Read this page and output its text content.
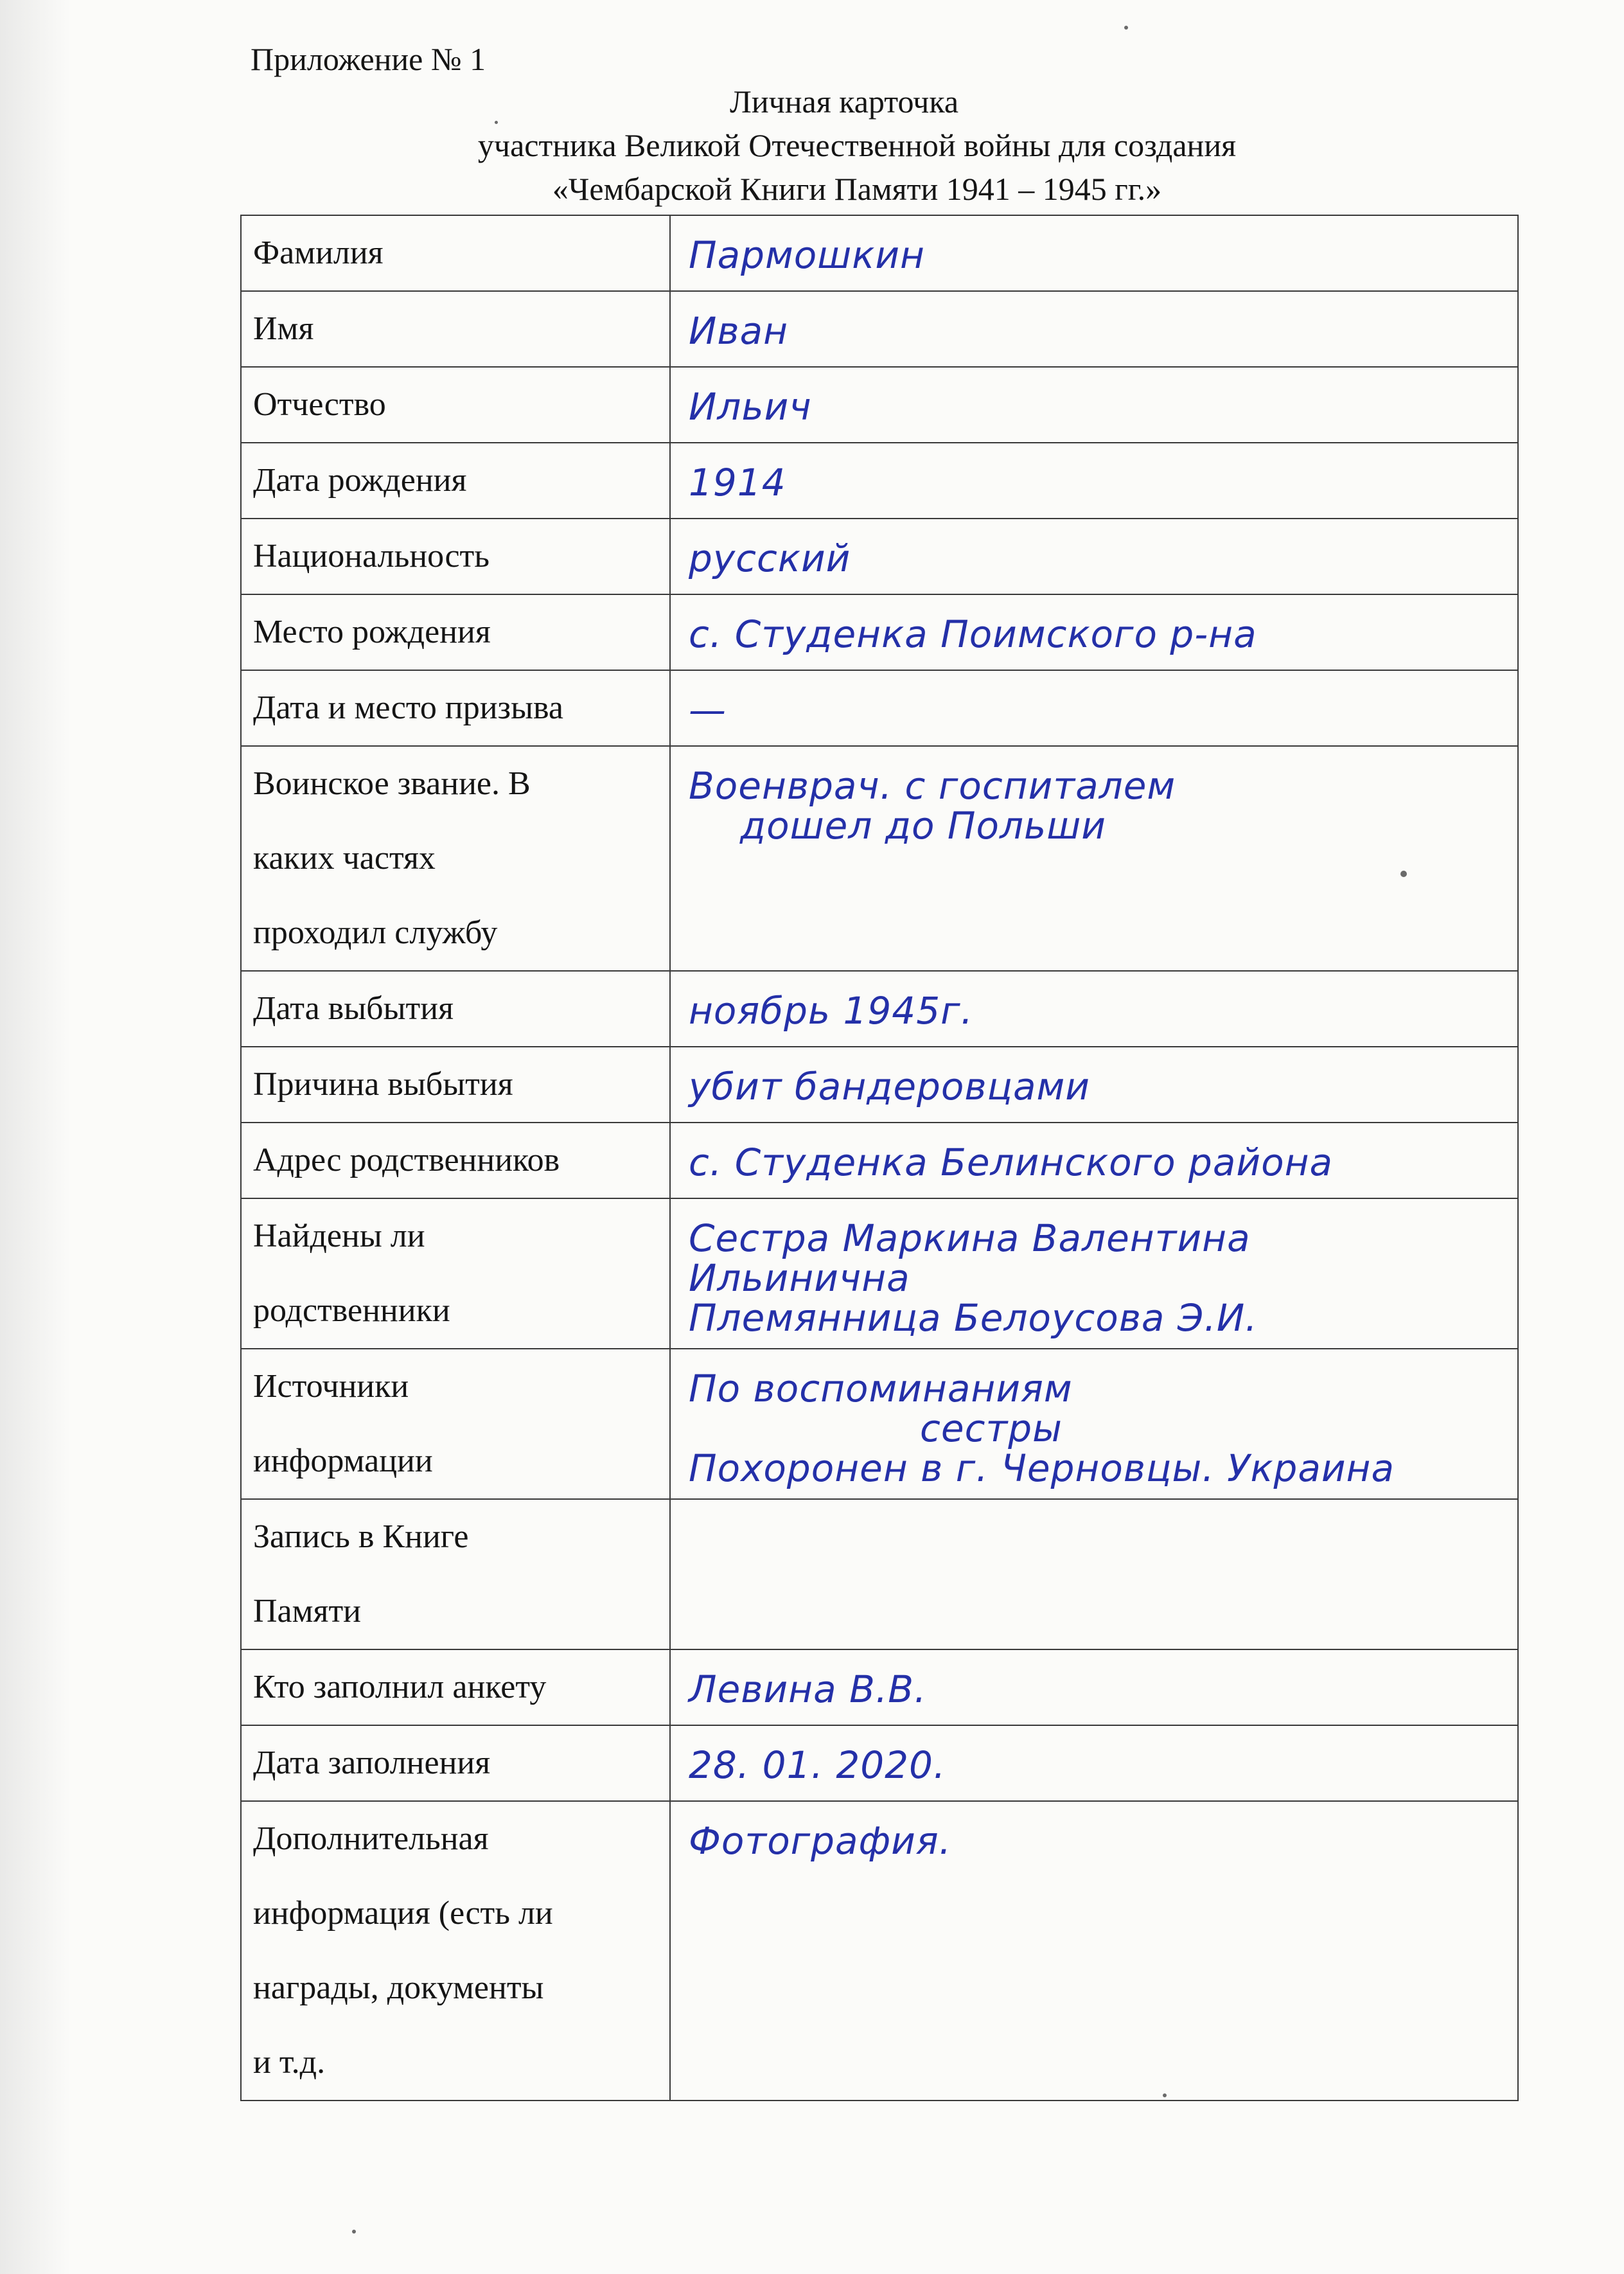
Приложение № 1
Личная карточка
участника Великой Отечественной войны для создания
«Чембарской Книги Памяти 1941 – 1945 гг.»
Фамилия	Пармошкин

Имя	Иван

Отчество	Ильич

Дата рождения	1914

Национальность	русский

Место рождения	с. Студенка Поимского р-на

Дата и место призыва	—

Воинское звание. В
каких частях
проходил службу	Военврач. с госпиталем
дошел до Польши

Дата выбытия	ноябрь 1945г.

Причина выбытия	убит бандеровцами

Адрес родственников	с. Студенка Белинского района

Найдены ли
родственники	Сестра Маркина Валентина
Ильинична
Племянница Белоусова Э.И.

Источники
информации	По воспоминаниям
сестры
Похоронен в г. Черновцы. Украина

Запись в Книге
Памяти	

Кто заполнил анкету	Левина В.В.

Дата заполнения	28. 01. 2020.

Дополнительная
информация (есть ли
награды, документы
и т.д.	Фотография.
